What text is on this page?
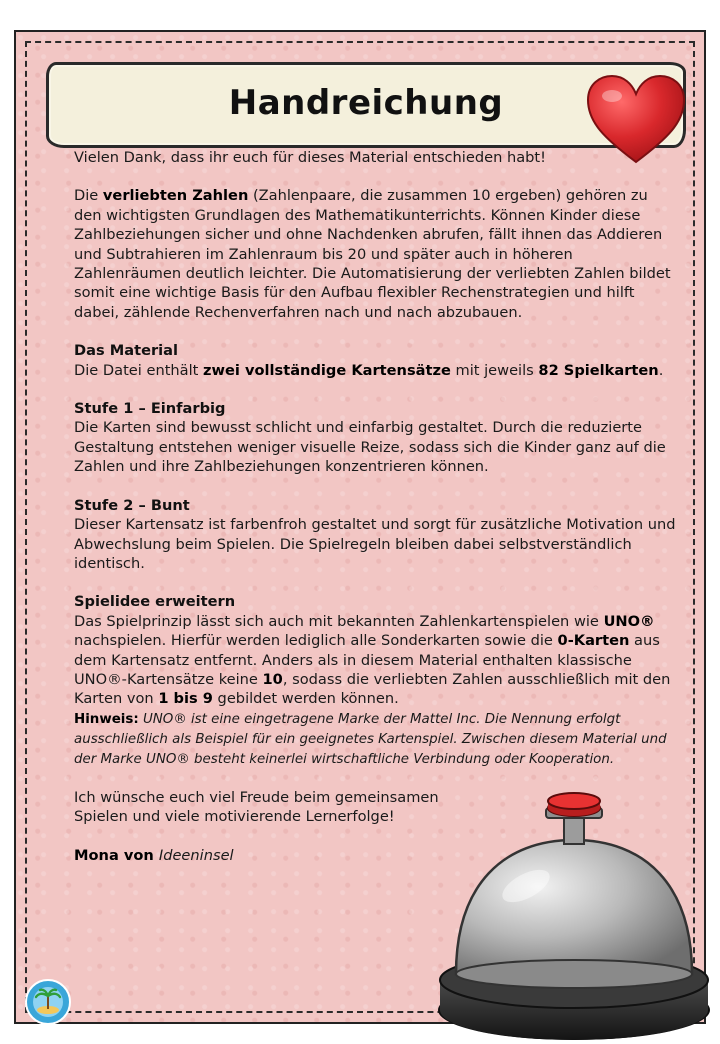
Handreichung

Vielen Dank, dass ihr euch für dieses Material entschieden habt!

Die verliebten Zahlen (Zahlenpaare, die zusammen 10 ergeben) gehören zu den wichtigsten Grundlagen des Mathematikunterrichts. Können Kinder diese Zahlbeziehungen sicher und ohne Nachdenken abrufen, fällt ihnen das Addieren und Subtrahieren im Zahlenraum bis 20 und später auch in höheren Zahlenräumen deutlich leichter. Die Automatisierung der verliebten Zahlen bildet somit eine wichtige Basis für den Aufbau flexibler Rechenstrategien und hilft dabei, zählende Rechenverfahren nach und nach abzubauen.

Das Material
Die Datei enthält zwei vollständige Kartensätze mit jeweils 82 Spielkarten.

Stufe 1 – Einfarbig
Die Karten sind bewusst schlicht und einfarbig gestaltet. Durch die reduzierte Gestaltung entstehen weniger visuelle Reize, sodass sich die Kinder ganz auf die Zahlen und ihre Zahlbeziehungen konzentrieren können.

Stufe 2 – Bunt
Dieser Kartensatz ist farbenfroh gestaltet und sorgt für zusätzliche Motivation und Abwechslung beim Spielen. Die Spielregeln bleiben dabei selbstverständlich identisch.

Spielidee erweitern
Das Spielprinzip lässt sich auch mit bekannten Zahlenkartenspielen wie UNO® nachspielen. Hierfür werden lediglich alle Sonderkarten sowie die 0-Karten aus dem Kartensatz entfernt. Anders als in diesem Material enthalten klassische UNO®-Kartensätze keine 10, sodass die verliebten Zahlen ausschließlich mit den Karten von 1 bis 9 gebildet werden können.
Hinweis: UNO® ist eine eingetragene Marke der Mattel Inc. Die Nennung erfolgt ausschließlich als Beispiel für ein geeignetes Kartenspiel. Zwischen diesem Material und der Marke UNO® besteht keinerlei wirtschaftliche Verbindung oder Kooperation.

Ich wünsche euch viel Freude beim gemeinsamen
Spielen und viele motivierende Lernerfolge!

Mona von Ideeninsel
